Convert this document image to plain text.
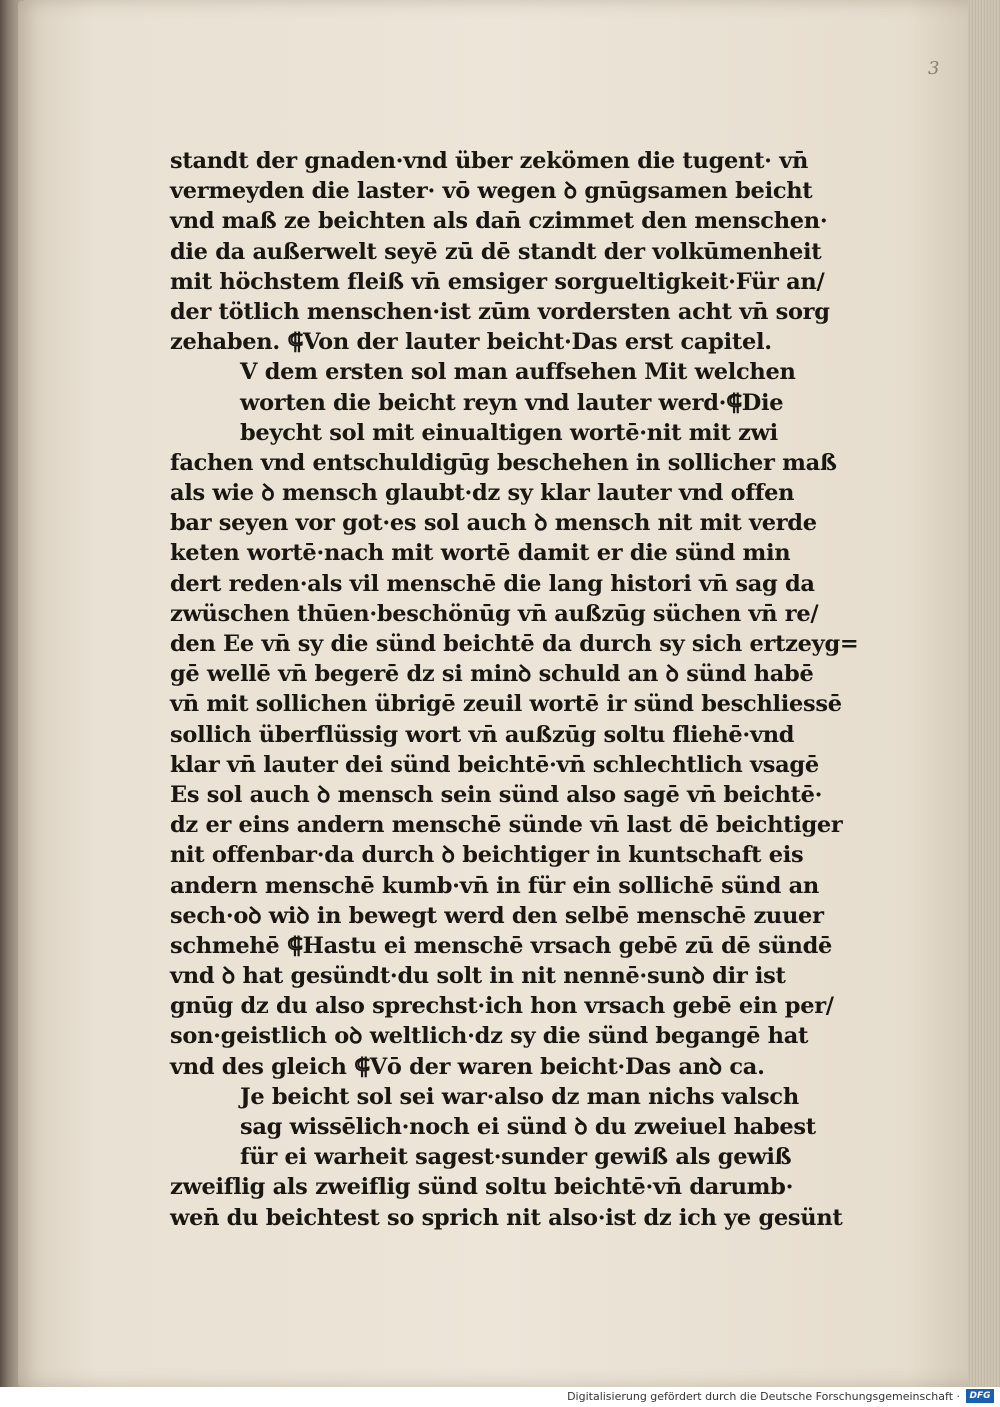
3
standt der gnaden·vnd über zekömen die tugent· vn̄
vermeyden die laster· vō wegen ꝺ gnūgsamen beicht
vnd maß ze beichten als dan̄ czimmet den menschen·
die da außerwelt seyē zū dē standt der volkūmenheit
mit höchstem fleiß vn̄ emsiger sorgueltigkeit·Für an/
der tötlich menschen·ist zūm vordersten acht vn̄ sorg
zehaben. ⸿Von der lauter beicht·Das erst capitel.
V dem ersten sol man auffsehen Mit welchen
worten die beicht reyn vnd lauter werd·⸿Die
beycht sol mit einualtigen wortē·nit mit zwi
fachen vnd entschuldigūg beschehen in sollicher maß
als wie ꝺ mensch glaubt·dz sy klar lauter vnd offen
bar seyen vor got·es sol auch ꝺ mensch nit mit verde
keten wortē·nach mit wortē damit er die sünd min
dert reden·als vil menschē die lang histori vn̄ sag da
zwüschen thūen·beschönūg vn̄ außzūg süchen vn̄ re/
den Ee vn̄ sy die sünd beichtē da durch sy sich ertzeyg=
gē wellē vn̄ begerē dz si minꝺ schuld an ꝺ sünd habē
vn̄ mit sollichen übrigē zeuil wortē ir sünd beschliessē
sollich überflüssig wort vn̄ außzūg soltu fliehē·vnd
klar vn̄ lauter dei sünd beichtē·vn̄ schlechtlich vsagē
Es sol auch ꝺ mensch sein sünd also sagē vn̄ beichtē·
dz er eins andern menschē sünde vn̄ last dē beichtiger
nit offenbar·da durch ꝺ beichtiger in kuntschaft eis
andern menschē kumb·vn̄ in für ein sollichē sünd an
sech·oꝺ wiꝺ in bewegt werd den selbē menschē zuuer
schmehē ⸿Hastu ei menschē vrsach gebē zū dē sündē
vnd ꝺ hat gesündt·du solt in nit nennē·sunꝺ dir ist
gnūg dz du also sprechst·ich hon vrsach gebē ein per/
son·geistlich oꝺ weltlich·dz sy die sünd begangē hat
vnd des gleich ⸿Vō der waren beicht·Das anꝺ ca.
Je beicht sol sei war·also dz man nichs valsch
sag wissēlich·noch ei sünd ꝺ du zweiuel habest
für ei warheit sagest·sunder gewiß als gewiß
zweiflig als zweiflig sünd soltu beichtē·vn̄ darumb·
wen̄ du beichtest so sprich nit also·ist dz ich ye gesünt
Digitalisierung gefördert durch die Deutsche Forschungsgemeinschaft ·	DFG
